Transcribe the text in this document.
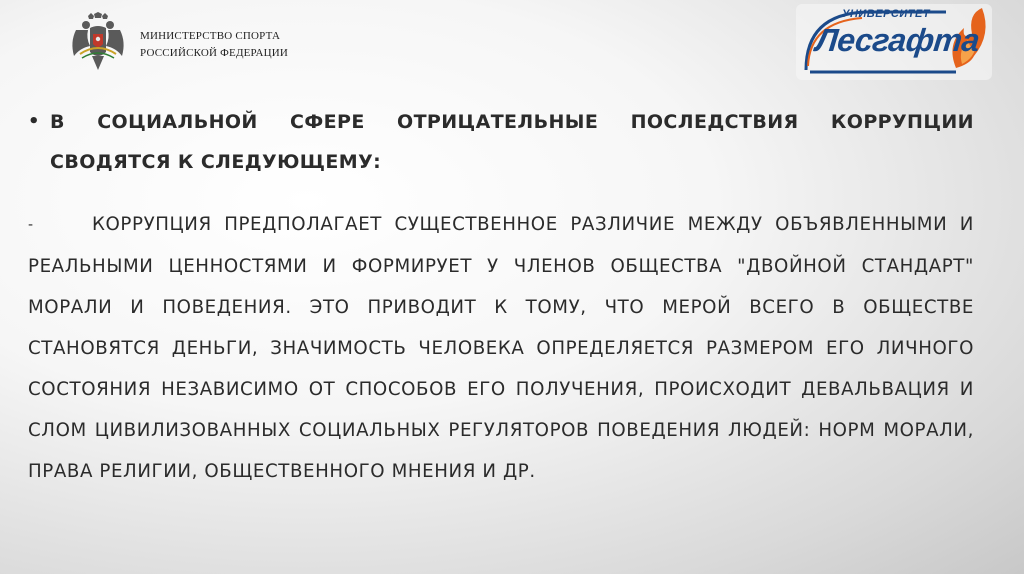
МИНИСТЕРСТВО СПОРТА
РОССИЙСКОЙ ФЕДЕРАЦИИ
УНИВЕРСИТЕТ
Лесгафта
• В СОЦИАЛЬНОЙ СФЕРЕ ОТРИЦАТЕЛЬНЫЕ ПОСЛЕДСТВИЯ КОРРУПЦИИ СВОДЯТСЯ К СЛЕДУЮЩЕМУ:
-	КОРРУПЦИЯ ПРЕДПОЛАГАЕТ СУЩЕСТВЕННОЕ РАЗЛИЧИЕ МЕЖДУ ОБЪЯВЛЕННЫМИ И РЕАЛЬНЫМИ ЦЕННОСТЯМИ И ФОРМИРУЕТ У ЧЛЕНОВ ОБЩЕСТВА "ДВОЙНОЙ СТАНДАРТ" МОРАЛИ И ПОВЕДЕНИЯ. ЭТО ПРИВОДИТ К ТОМУ, ЧТО МЕРОЙ ВСЕГО В ОБЩЕСТВЕ СТАНОВЯТСЯ ДЕНЬГИ, ЗНАЧИМОСТЬ ЧЕЛОВЕКА ОПРЕДЕЛЯЕТСЯ РАЗМЕРОМ ЕГО ЛИЧНОГО СОСТОЯНИЯ НЕЗАВИСИМО ОТ СПОСОБОВ ЕГО ПОЛУЧЕНИЯ, ПРОИСХОДИТ ДЕВАЛЬВАЦИЯ И СЛОМ ЦИВИЛИЗОВАННЫХ СОЦИАЛЬНЫХ РЕГУЛЯТОРОВ ПОВЕДЕНИЯ ЛЮДЕЙ: НОРМ МОРАЛИ, ПРАВА РЕЛИГИИ, ОБЩЕСТВЕННОГО МНЕНИЯ И ДР.
